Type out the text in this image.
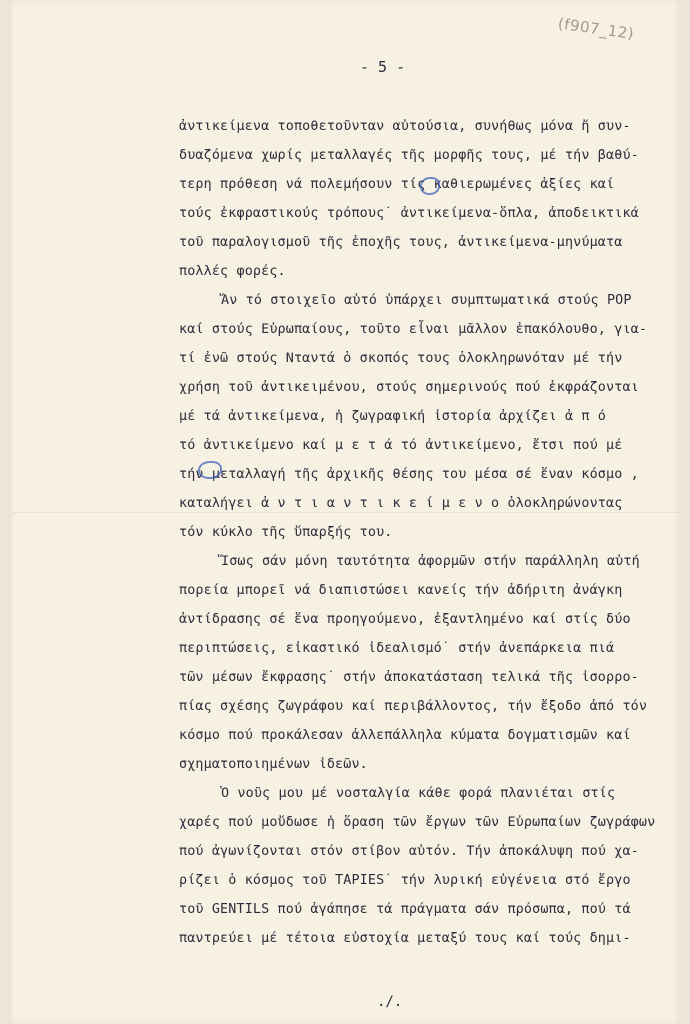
(f907_12)
- 5 -
ἀντικείμενα τοποθετοῦνταν αὐτούσια, συνήθως μόνα ἤ συν-
δυαζόμενα χωρίς μεταλλαγές τῆς μορφῆς τους, μέ τήν βαθύ-
τερη πρόθεση νά πολεμήσουν τίς καθιερωμένες ἀξίες καί
τούς ἐκφραστικούς τρόπους˙ ἀντικείμενα-ὅπλα, ἀποδεικτικά
τοῦ παραλογισμοῦ τῆς ἐποχῆς τους, ἀντικείμενα-μηνύματα
πολλές φορές.
Ἄν τό στοιχεῖο αὐτό ὑπάρχει συμπτωματικά στούς POP
καί στούς Εὐρωπαίους, τοῦτο εἶναι μᾶλλον ἐπακόλουθο, για-
τί ἐνῶ στούς Νταντά ὁ σκοπός τους ὁλοκληρωνόταν μέ τήν
χρήση τοῦ ἀντικειμένου, στούς σημερινούς πού ἐκφράζονται
μέ τά ἀντικείμενα, ἡ ζωγραφική ἱστορία ἀρχίζει ἀ π ό
τό ἀντικείμενο καί μ ε τ ά τό ἀντικείμενο, ἔτσι πού μέ
τήν μεταλλαγή τῆς ἀρχικῆς θέσης του μέσα σέ ἕναν κόσμο ,
καταλήγει ἀ ν τ ι α ν τ ι κ ε ί μ ε ν ο ὁλοκληρώνοντας
τόν κύκλο τῆς ὕπαρξής του.
Ἴσως σάν μόνη ταυτότητα ἀφορμῶν στήν παράλληλη αὐτή
πορεία μπορεῖ νά διαπιστώσει κανείς τήν ἀδήριτη ἀνάγκη
ἀντίδρασης σέ ἕνα προηγούμενο, ἐξαντλημένο καί στίς δύο
περιπτώσεις, εἰκαστικό ἰδεαλισμό˙ στήν ἀνεπάρκεια πιά
τῶν μέσων ἔκφρασης˙ στήν ἀποκατάσταση τελικά τῆς ἰσορρο-
πίας σχέσης ζωγράφου καί περιβάλλοντος, τήν ἔξοδο ἀπό τόν
κόσμο πού προκάλεσαν ἀλλεπάλληλα κύματα δογματισμῶν καί
σχηματοποιημένων ἰδεῶν.
Ὁ νοῦς μου μέ νοσταλγία κάθε φορά πλανιέται στίς
χαρές πού μοὔδωσε ἡ ὅραση τῶν ἔργων τῶν Εὐρωπαίων ζωγράφων
πού ἀγωνίζονται στόν στίβον αὐτόν. Τήν ἀποκάλυψη πού χα-
ρίζει ὁ κόσμος τοῦ TAPIES˙ τήν λυρική εὐγένεια στό ἔργο
τοῦ GENTILS πού ἀγάπησε τά πράγματα σάν πρόσωπα, πού τά
παντρεύει μέ τέτοια εὐστοχία μεταξύ τους καί τούς δημι-
./.
